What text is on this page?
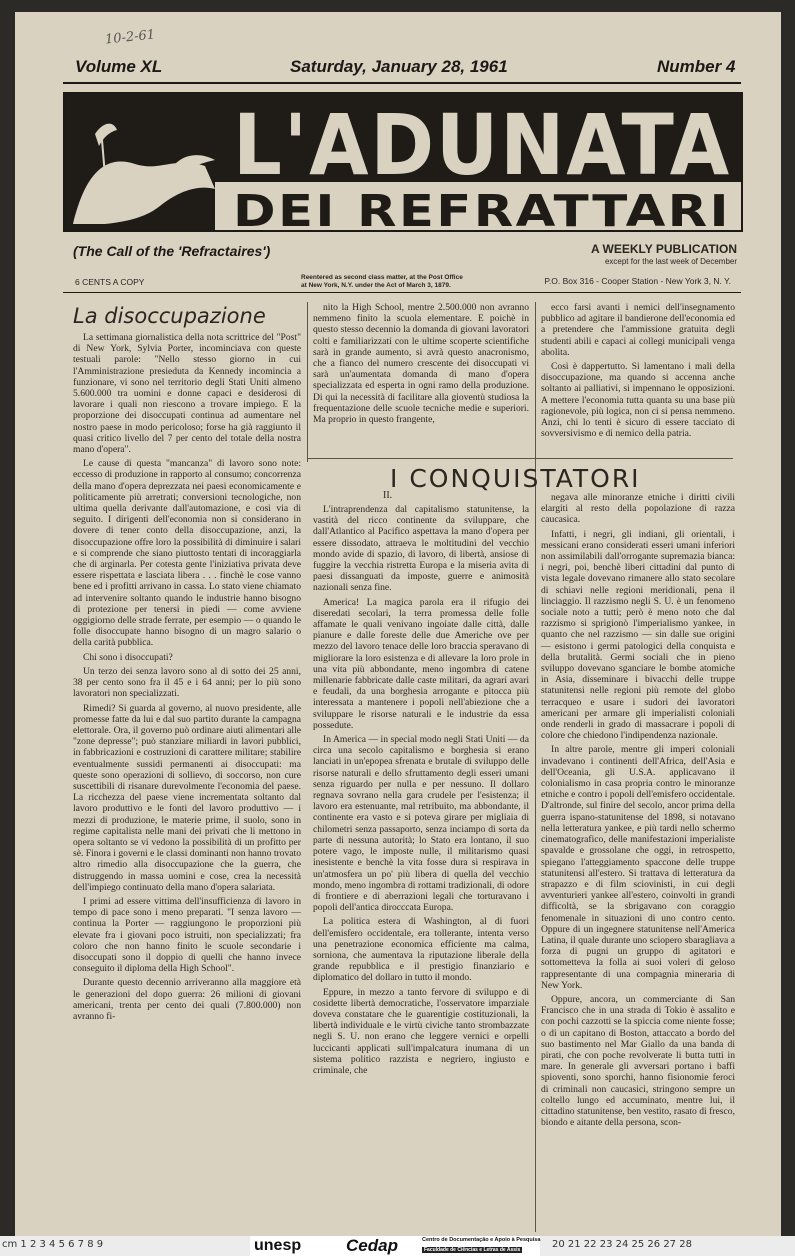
10-2-61
Volume XL	Saturday, January 28, 1961	Number 4
L'ADUNATA
DEI REFRATTARI
(The Call of the 'Refractaires')	A WEEKLY PUBLICATION
except for the last week of December
6 CENTS A COPY	Reentered as second class matter, at the Post Office
at New York, N.Y. under the Act of March 3, 1879.	P.O. Box 316 - Cooper Station - New York 3, N. Y.
La disoccupazione

La settimana giornalistica della nota scrittrice del "Post" di New York, Sylvia Porter, incominciava con queste testuali parole: "Nello stesso giorno in cui l'Amministrazione presieduta da Kennedy incomincia a funzionare, vi sono nel territorio degli Stati Uniti almeno 5.600.000 tra uomini e donne capaci e desiderosi di lavorare i quali non riescono a trovare impiego. E la proporzione dei disoccupati continua ad aumentare nel nostro paese in modo pericoloso; forse ha già raggiunto il quasi critico livello del 7 per cento del totale della nostra mano d'opera".

Le cause di questa "mancanza" di lavoro sono note: eccesso di produzione in rapporto al consumo; concorrenza della mano d'opera deprezzata nei paesi economicamente e politicamente più arretrati; conversioni tecnologiche, non ultima quella derivante dall'automazione, e così via di seguito. I dirigenti dell'economia non si considerano in dovere di tener conto della disoccupazione, anzi, la disoccupazione offre loro la possibilità di diminuire i salari e si comprende che siano piuttosto tentati di incoraggiarla che di arginarla. Per cotesta gente l'iniziativa privata deve essere rispettata e lasciata libera . . . finchè le cose vanno bene ed i profitti arrivano in cassa. Lo stato viene chiamato ad intervenire soltanto quando le industrie hanno bisogno di protezione per tenersi in piedi — come avviene oggigiorno delle strade ferrate, per esempio — o quando le folle disoccupate hanno bisogno di un magro salario o della carità pubblica.

Chi sono i disoccupati?

Un terzo dei senza lavoro sono al di sotto dei 25 anni, 38 per cento sono fra il 45 e i 64 anni; per lo più sono lavoratori non specializzati.

Rimedi? Si guarda al governo, al nuovo presidente, alle promesse fatte da lui e dal suo partito durante la campagna elettorale. Ora, il governo può ordinare aiuti alimentari alle "zone depresse"; può stanziare miliardi in lavori pubblici, in fabbricazioni e costruzioni di carattere militare; stabilire eventualmente sussidi permanenti ai disoccupati: ma queste sono operazioni di sollievo, di soccorso, non cure suscettibili di risanare durevolmente l'economia del paese. La ricchezza del paese viene incrementata soltanto dal lavoro produttivo e le fonti del lavoro produttivo — i mezzi di produzione, le materie prime, il suolo, sono in regime capitalista nelle mani dei privati che li mettono in opera soltanto se vi vedono la possibilità di un profitto per sè. Finora i governi e le classi dominanti non hanno trovato altro rimedio alla disoccupazione che la guerra, che distruggendo in massa uomini e cose, crea la necessità dell'impiego continuato della mano d'opera salariata.

I primi ad essere vittima dell'insufficienza di lavoro in tempo di pace sono i meno preparati. "I senza lavoro — continua la Porter — raggiungono le proporzioni più elevate fra i giovani poco istruiti, non specializzati; fra coloro che non hanno finito le scuole secondarie i disoccupati sono il doppio di quelli che hanno invece conseguito il diploma della High School".

Durante questo decennio arriveranno alla maggiore età le generazioni del dopo guerra: 26 milioni di giovani americani, trenta per cento dei quali (7.800.000) non avranno fi-

nito la High School, mentre 2.500.000 non avranno nemmeno finito la scuola elementare. E poichè in questo stesso decennio la domanda di giovani lavoratori colti e familiarizzati con le ultime scoperte scientifiche sarà in grande aumento, si avrà questo anacronismo, che a fianco del numero crescente dei disoccupati vi sarà un'aumentata domanda di mano d'opera specializzata ed esperta in ogni ramo della produzione. Di qui la necessità di facilitare alla gioventù studiosa la frequentazione delle scuole tecniche medie e superiori. Ma proprio in questo frangente,

ecco farsi avanti i nemici dell'insegnamento pubblico ad agitare il bandierone dell'economia ed a pretendere che l'ammissione gratuita degli studenti abili e capaci ai collegi municipali venga abolita.

Così è dappertutto. Si lamentano i mali della disoccupazione, ma quando si accenna anche soltanto ai palliativi, si impennano le opposizioni. A mettere l'economia tutta quanta su una base più ragionevole, più logica, non ci si pensa nemmeno. Anzi, chi lo tenti è sicuro di essere tacciato di sovversivismo e di nemico della patria.

I CONQUISTATORI
II.

L'intraprendenza dal capitalismo statunitense, la vastità del ricco continente da sviluppare, che dall'Atlantico al Pacifico aspettava la mano d'opera per essere dissodato, attraeva le moltitudini del vecchio mondo avide di spazio, di lavoro, di libertà, ansiose di fuggire la vecchia ristretta Europa e la miseria avita di paesi dissanguati da imposte, guerre e animosità nazionali senza fine.

America! La magica parola era il rifugio dei diseredati secolari, la terra promessa delle folle affamate le quali venivano ingoiate dalle città, dalle pianure e dalle foreste delle due Americhe ove per mezzo del lavoro tenace delle loro braccia speravano di migliorare la loro esistenza e di allevare la loro prole in una vita più abbondante, meno ingombra di catene millenarie fabbricate dalle caste militari, da agrari avari e feudali, da una borghesia arrogante e pitocca più interessata a mantenere i popoli nell'abiezione che a sviluppare le risorse naturali e le industrie da essa possedute.

In America — in special modo negli Stati Uniti — da circa una secolo capitalismo e borghesia si erano lanciati in un'epopea sfrenata e brutale di sviluppo delle risorse naturali e dello sfruttamento degli esseri umani senza riguardo per nulla e per nessuno. Il dollaro regnava sovrano nella gara crudele per l'esistenza; il lavoro era estenuante, mal retribuito, ma abbondante, il continente era vasto e si poteva girare per migliaia di chilometri senza passaporto, senza inciampo di sorta da parte di nessuna autorità; lo Stato era lontano, il suo potere vago, le imposte nulle, il militarismo quasi inesistente e benchè la vita fosse dura si respirava in un'atmosfera un po' più libera di quella del vecchio mondo, meno ingombra di rottami tradizionali, di odore di frontiere e di aberrazioni legali che torturavano i popoli dell'antica dirocccata Europa.

La politica estera di Washington, al di fuori dell'emisfero occidentale, era tollerante, intenta verso una penetrazione economica efficiente ma calma, sorniona, che aumentava la riputazione liberale della grande repubblica e il prestigio finanziario e diplomatico del dollaro in tutto il mondo.

Eppure, in mezzo a tanto fervore di sviluppo e di cosidette libertà democratiche, l'osservatore imparziale doveva constatare che le guarentigie costituzionali, la libertà individuale e le virtù civiche tanto strombazzate negli S. U. non erano che leggere vernici e orpelli luccicanti applicati sull'impalcatura inumana di un sistema politico razzista e negriero, ingiusto e criminale, che

negava alle minoranze etniche i diritti civili elargiti al resto della popolazione di razza caucasica.

Infatti, i negri, gli indiani, gli orientali, i messicani erano considerati esseri umani inferiori non assimilabili dall'orrogante supremazia bianca: i negri, poi, benchè liberi cittadini dal punto di vista legale dovevano rimanere allo stato secolare di schiavi nelle regioni meridionali, pena il linciaggio. Il razzismo negli S. U. è un fenomeno sociale noto a tutti; però è meno noto che dal razzismo si sprigionò l'imperialismo yankee, in quanto che nel razzismo — sin dalle sue origini — esistono i germi patologici della conquista e della brutalità. Germi sociali che in pieno sviluppo dovevano sganciare le bombe atomiche in Asia, disseminare i bivacchi delle truppe statunitensi nelle regioni più remote del globo terracqueo e usare i sudori dei lavoratori americani per armare gli imperialisti coloniali onde renderli in grado di massacrare i popoli di colore che chiedono l'indipendenza nazionale.

In altre parole, mentre gli imperi coloniali invadevano i continenti dell'Africa, dell'Asia e dell'Oceania, gli U.S.A. applicavano il colonialismo in casa propria contro le minoranze etniche e contro i popoli dell'emisfero occidentale. D'altronde, sul finire del secolo, ancor prima della guerra ispano-statunitense del 1898, si notavano nella letteratura yankee, e più tardi nello schermo cinematografico, delle manifestazioni imperialiste spavalde e grossolane che oggi, in retrospetto, spiegano l'atteggiamento spaccone delle truppe statunitensi all'estero. Si trattava di letteratura da strapazzo e di film sciovinisti, in cui degli avventurieri yankee all'estero, coinvolti in grandi difficoltà, se la sbrigavano con coraggio fenomenale in situazioni di uno contro cento. Oppure di un ingegnere statunitense nell'America Latina, il quale durante uno sciopero sbaragliava a forza di pugni un gruppo di agitatori e sottometteva la folla ai suoi voleri di geloso rappresentante di una compagnia mineraria di New York.

Oppure, ancora, un commerciante di San Francisco che in una strada di Tokio è assalito e con pochi cazzotti se la spiccia come niente fosse; o di un capitano di Boston, attaccato a bordo del suo bastimento nel Mar Giallo da una banda di pirati, che con poche revolverate li butta tutti in mare. In generale gli avversari portano i baffi spioventi, sono sporchi, hanno fisionomie feroci di criminali non caucasici, stringono sempre un coltello lungo ed accuminato, mentre lui, il cittadino statunitense, ben vestito, rasato di fresco, biondo e aitante della persona, scon-

cm 1 2 3 4 5 6 7 8 9	unesp	Cedap	Centro de Documentação e Apoio à Pesquisa
Faculdade de Ciências e Letras de Assis	20 21 22 23 24 25 26 27 28
